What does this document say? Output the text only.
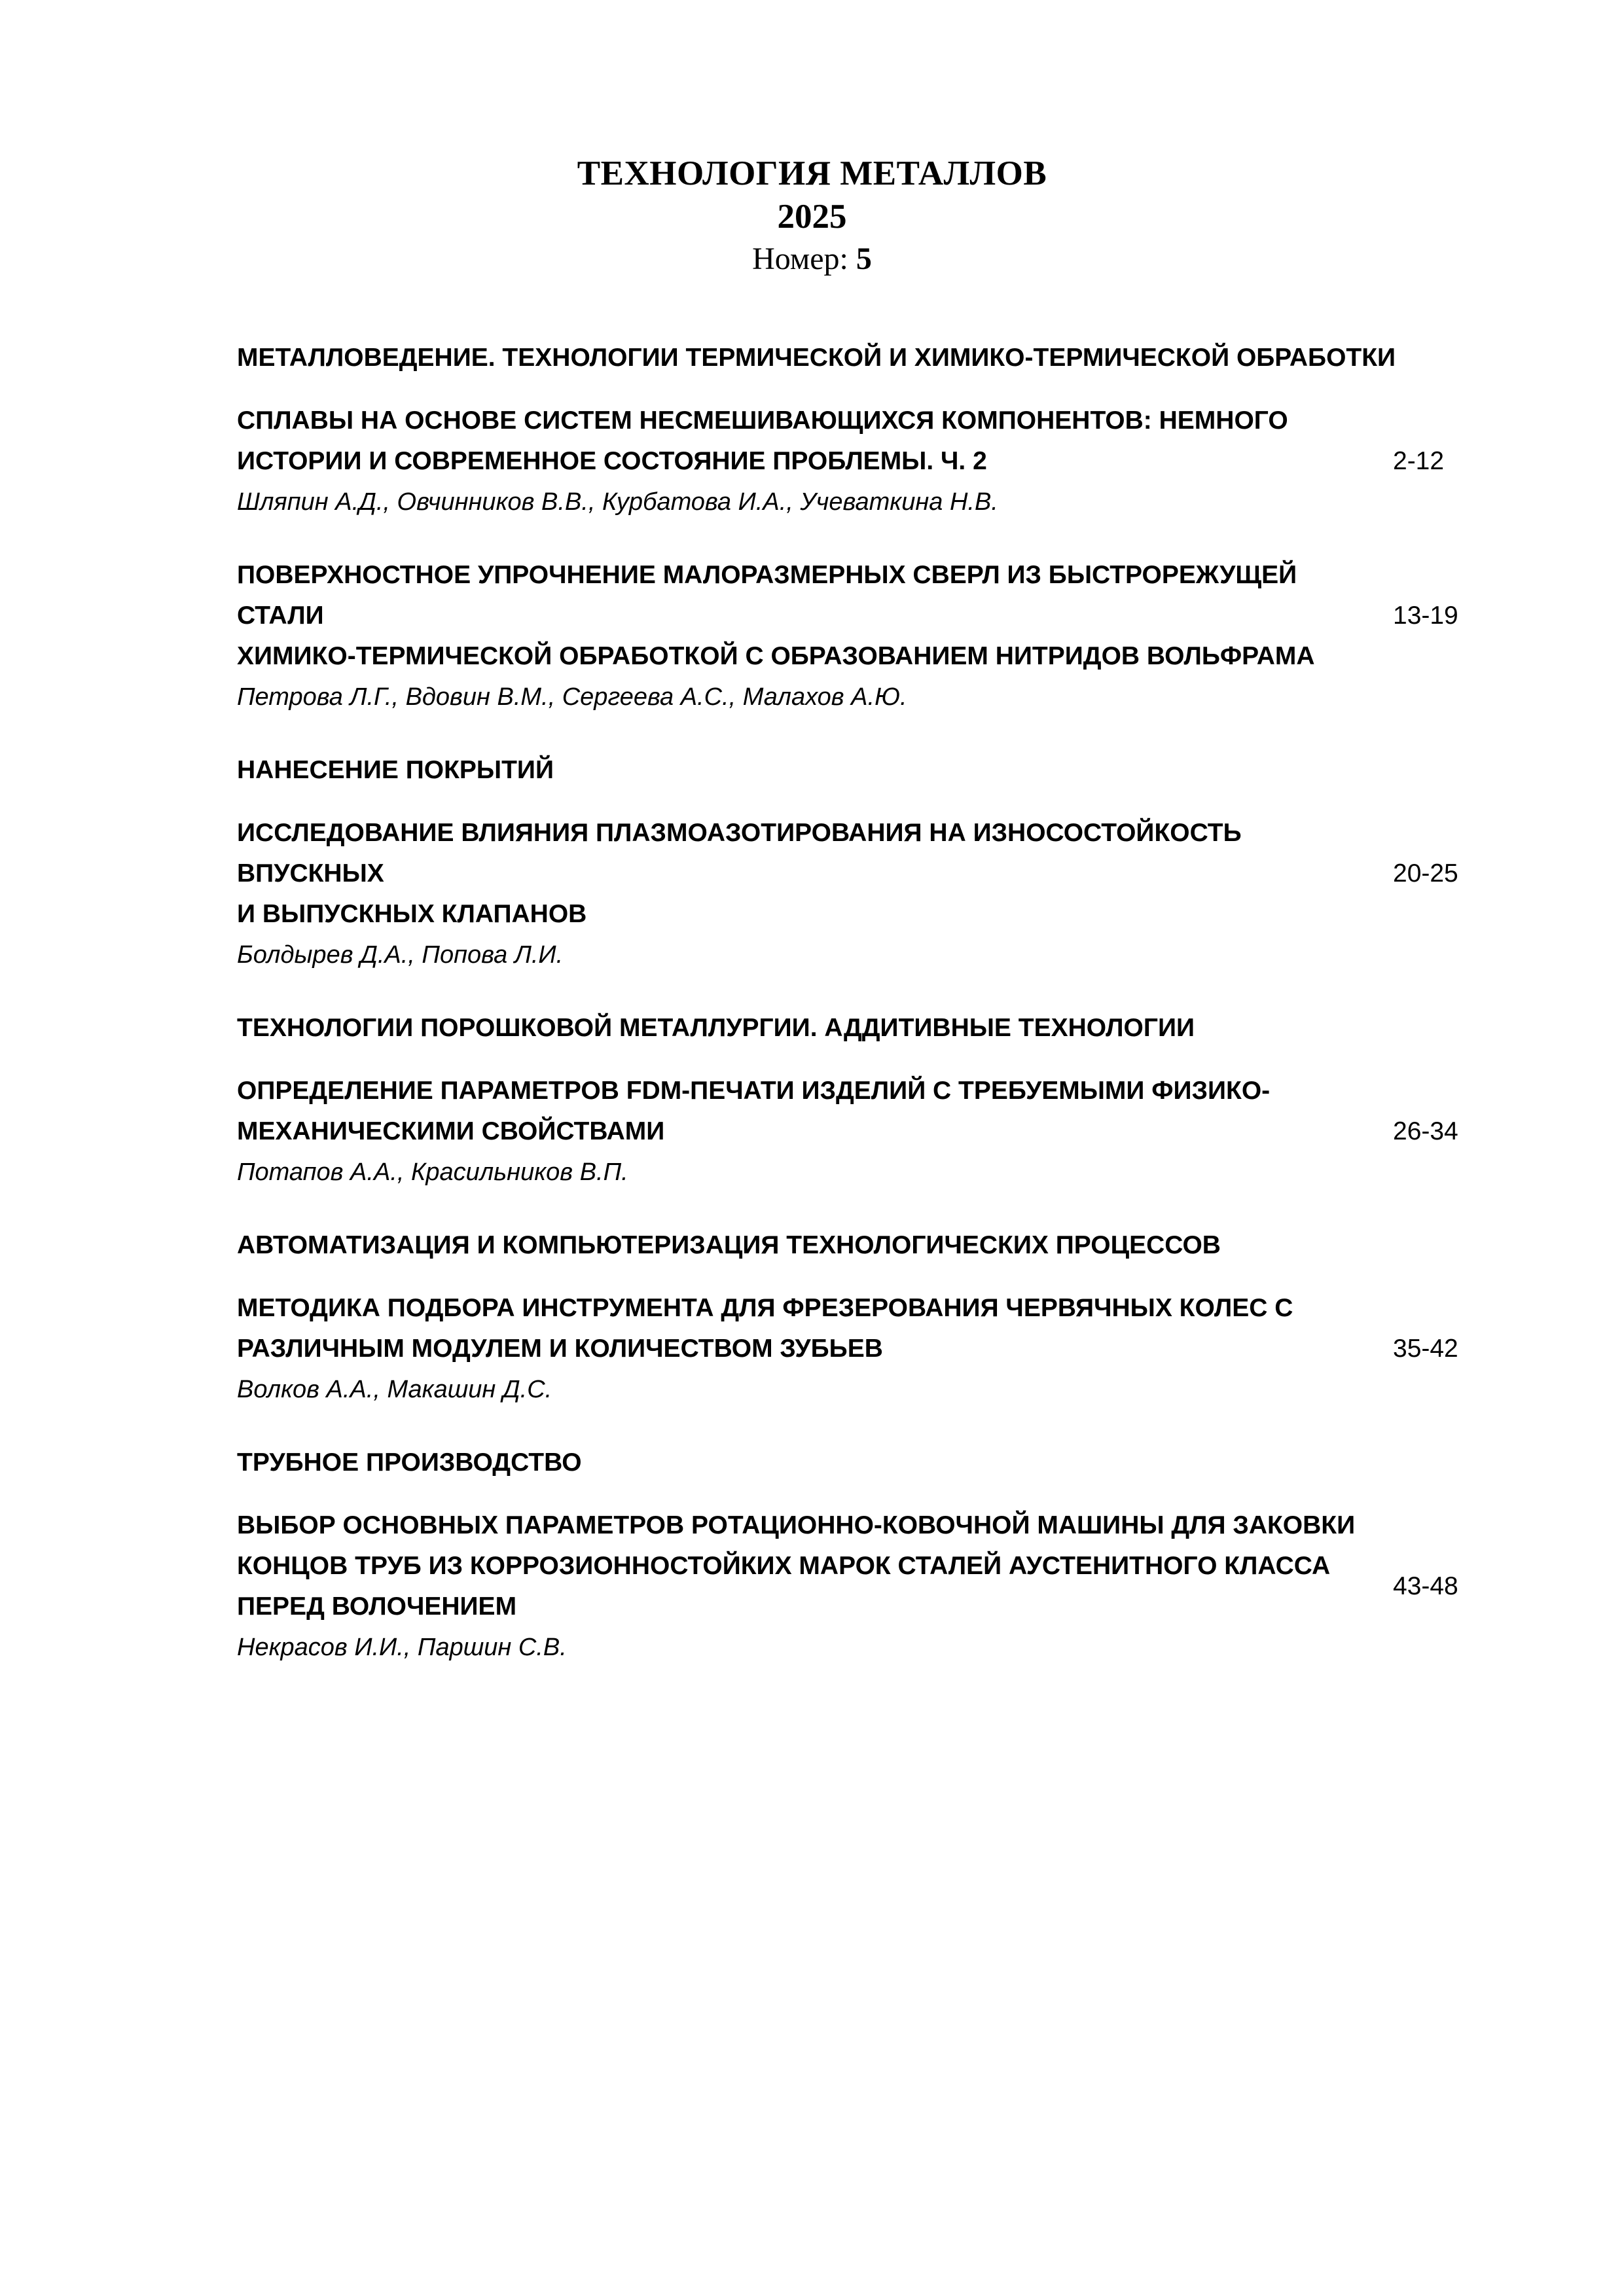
ТЕХНОЛОГИЯ МЕТАЛЛОВ
2025
Номер: 5
МЕТАЛЛОВЕДЕНИЕ. ТЕХНОЛОГИИ ТЕРМИЧЕСКОЙ И ХИМИКО-ТЕРМИЧЕСКОЙ ОБРАБОТКИ
СПЛАВЫ НА ОСНОВЕ СИСТЕМ НЕСМЕШИВАЮЩИХСЯ КОМПОНЕНТОВ: НЕМНОГО
ИСТОРИИ И СОВРЕМЕННОЕ СОСТОЯНИЕ ПРОБЛЕМЫ. Ч. 2
Шляпин А.Д., Овчинников В.В., Курбатова И.А., Учеваткина Н.В.
2-12
ПОВЕРХНОСТНОЕ УПРОЧНЕНИЕ МАЛОРАЗМЕРНЫХ СВЕРЛ ИЗ БЫСТРОРЕЖУЩЕЙ СТАЛИ
ХИМИКО-ТЕРМИЧЕСКОЙ ОБРАБОТКОЙ С ОБРАЗОВАНИЕМ НИТРИДОВ ВОЛЬФРАМА
Петрова Л.Г., Вдовин В.М., Сергеева А.С., Малахов А.Ю.
13-19
НАНЕСЕНИЕ ПОКРЫТИЙ
ИССЛЕДОВАНИЕ ВЛИЯНИЯ ПЛАЗМОАЗОТИРОВАНИЯ НА ИЗНОСОСТОЙКОСТЬ ВПУСКНЫХ
И ВЫПУСКНЫХ КЛАПАНОВ
Болдырев Д.А., Попова Л.И.
20-25
ТЕХНОЛОГИИ ПОРОШКОВОЙ МЕТАЛЛУРГИИ. АДДИТИВНЫЕ ТЕХНОЛОГИИ
ОПРЕДЕЛЕНИЕ ПАРАМЕТРОВ FDM-ПЕЧАТИ ИЗДЕЛИЙ С ТРЕБУЕМЫМИ ФИЗИКО-
МЕХАНИЧЕСКИМИ СВОЙСТВАМИ
Потапов А.А., Красильников В.П.
26-34
АВТОМАТИЗАЦИЯ И КОМПЬЮТЕРИЗАЦИЯ ТЕХНОЛОГИЧЕСКИХ ПРОЦЕССОВ
МЕТОДИКА ПОДБОРА ИНСТРУМЕНТА ДЛЯ ФРЕЗЕРОВАНИЯ ЧЕРВЯЧНЫХ КОЛЕС С
РАЗЛИЧНЫМ МОДУЛЕМ И КОЛИЧЕСТВОМ ЗУБЬЕВ
Волков А.А., Макашин Д.С.
35-42
ТРУБНОЕ ПРОИЗВОДСТВО
ВЫБОР ОСНОВНЫХ ПАРАМЕТРОВ РОТАЦИОННО-КОВОЧНОЙ МАШИНЫ ДЛЯ ЗАКОВКИ
КОНЦОВ ТРУБ ИЗ КОРРОЗИОННОСТОЙКИХ МАРОК СТАЛЕЙ АУСТЕНИТНОГО КЛАССА
ПЕРЕД ВОЛОЧЕНИЕМ
Некрасов И.И., Паршин С.В.
43-48
